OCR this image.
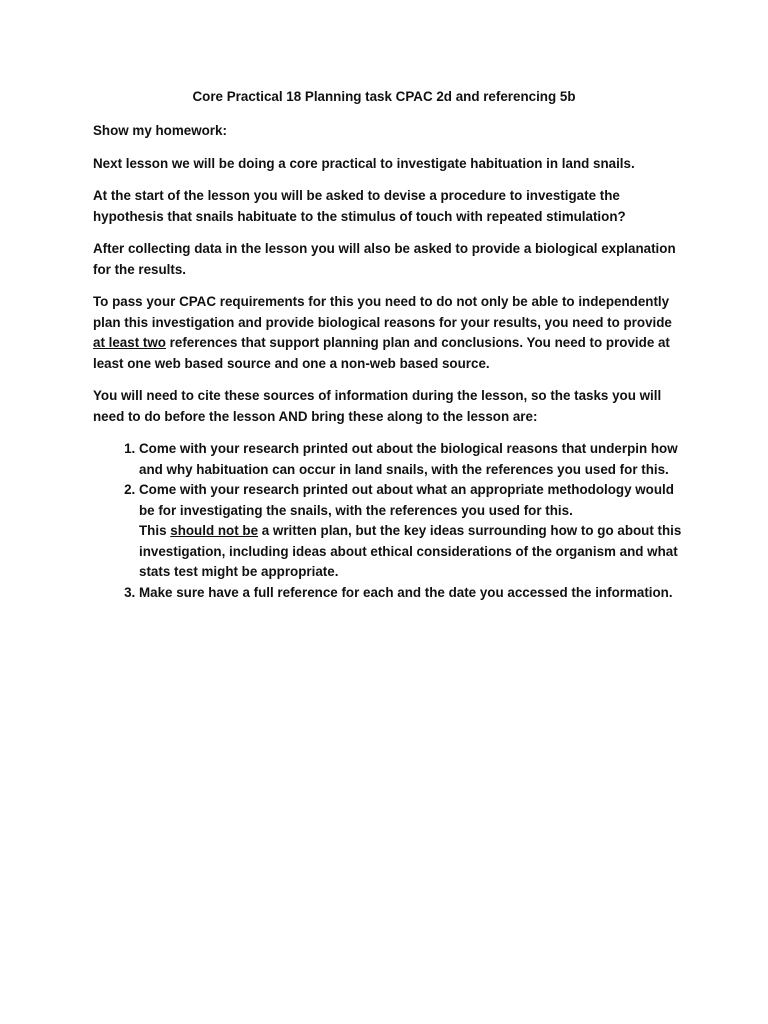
Core Practical 18 Planning task CPAC 2d and referencing 5b

Show my homework:

Next lesson we will be doing a core practical to investigate habituation in land snails.

At the start of the lesson you will be asked to devise a procedure to investigate the hypothesis that snails habituate to the stimulus of touch with repeated stimulation?

After collecting data in the lesson you will also be asked to provide a biological explanation for the results.

To pass your CPAC requirements for this you need to do not only be able to independently plan this investigation and provide biological reasons for your results, you need to provide at least two references that support planning plan and conclusions. You need to provide at least one web based source and one a non-web based source.

You will need to cite these sources of information during the lesson, so the tasks you will need to do before the lesson AND bring these along to the lesson are:

1. Come with your research printed out about the biological reasons that underpin how and why habituation can occur in land snails, with the references you used for this.
2. Come with your research printed out about what an appropriate methodology would be for investigating the snails, with the references you used for this.
This should not be a written plan, but the key ideas surrounding how to go about this investigation, including ideas about ethical considerations of the organism and what stats test might be appropriate.
3. Make sure have a full reference for each and the date you accessed the information.
